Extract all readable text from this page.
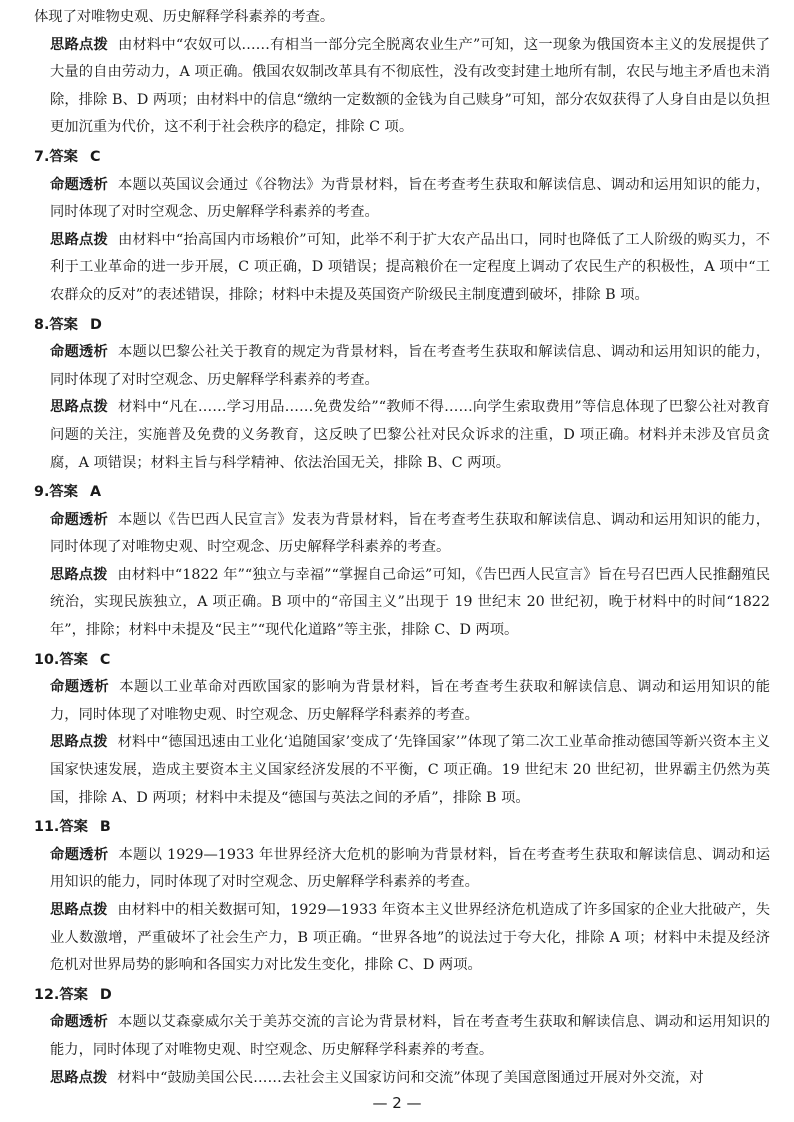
体现了对唯物史观、历史解释学科素养的考查。

思路点拨 由材料中“农奴可以……有相当一部分完全脱离农业生产”可知，这一现象为俄国资本主义的发展提供了大量的自由劳动力，A 项正确。俄国农奴制改革具有不彻底性，没有改变封建土地所有制，农民与地主矛盾也未消除，排除 B、D 两项；由材料中的信息“缴纳一定数额的金钱为自己赎身”可知，部分农奴获得了人身自由是以负担更加沉重为代价，这不利于社会秩序的稳定，排除 C 项。

7.答案 C

命题透析 本题以英国议会通过《谷物法》为背景材料，旨在考查考生获取和解读信息、调动和运用知识的能力，同时体现了对时空观念、历史解释学科素养的考查。

思路点拨 由材料中“抬高国内市场粮价”可知，此举不利于扩大农产品出口，同时也降低了工人阶级的购买力，不利于工业革命的进一步开展，C 项正确，D 项错误；提高粮价在一定程度上调动了农民生产的积极性，A 项中“工农群众的反对”的表述错误，排除；材料中未提及英国资产阶级民主制度遭到破坏，排除 B 项。

8.答案 D

命题透析 本题以巴黎公社关于教育的规定为背景材料，旨在考查考生获取和解读信息、调动和运用知识的能力，同时体现了对时空观念、历史解释学科素养的考查。

思路点拨 材料中“凡在……学习用品……免费发给”“教师不得……向学生索取费用”等信息体现了巴黎公社对教育问题的关注，实施普及免费的义务教育，这反映了巴黎公社对民众诉求的注重，D 项正确。材料并未涉及官员贪腐，A 项错误；材料主旨与科学精神、依法治国无关，排除 B、C 两项。

9.答案 A

命题透析 本题以《告巴西人民宣言》发表为背景材料，旨在考查考生获取和解读信息、调动和运用知识的能力，同时体现了对唯物史观、时空观念、历史解释学科素养的考查。

思路点拨 由材料中“1822 年”“独立与幸福”“掌握自己命运”可知，《告巴西人民宣言》旨在号召巴西人民推翻殖民统治，实现民族独立，A 项正确。B 项中的“帝国主义”出现于 19 世纪末 20 世纪初，晚于材料中的时间“1822 年”，排除；材料中未提及“民主”“现代化道路”等主张，排除 C、D 两项。

10.答案 C

命题透析 本题以工业革命对西欧国家的影响为背景材料，旨在考查考生获取和解读信息、调动和运用知识的能力，同时体现了对唯物史观、时空观念、历史解释学科素养的考查。

思路点拨 材料中“德国迅速由工业化‘追随国家’变成了‘先锋国家’”体现了第二次工业革命推动德国等新兴资本主义国家快速发展，造成主要资本主义国家经济发展的不平衡，C 项正确。19 世纪末 20 世纪初，世界霸主仍然为英国，排除 A、D 两项；材料中未提及“德国与英法之间的矛盾”，排除 B 项。

11.答案 B

命题透析 本题以 1929—1933 年世界经济大危机的影响为背景材料，旨在考查考生获取和解读信息、调动和运用知识的能力，同时体现了对时空观念、历史解释学科素养的考查。

思路点拨 由材料中的相关数据可知，1929—1933 年资本主义世界经济危机造成了许多国家的企业大批破产，失业人数激增，严重破坏了社会生产力，B 项正确。“世界各地”的说法过于夸大化，排除 A 项；材料中未提及经济危机对世界局势的影响和各国实力对比发生变化，排除 C、D 两项。

12.答案 D

命题透析 本题以艾森豪威尔关于美苏交流的言论为背景材料，旨在考查考生获取和解读信息、调动和运用知识的能力，同时体现了对唯物史观、时空观念、历史解释学科素养的考查。

思路点拨 材料中“鼓励美国公民……去社会主义国家访问和交流”体现了美国意图通过开展对外交流，对

— 2 —
